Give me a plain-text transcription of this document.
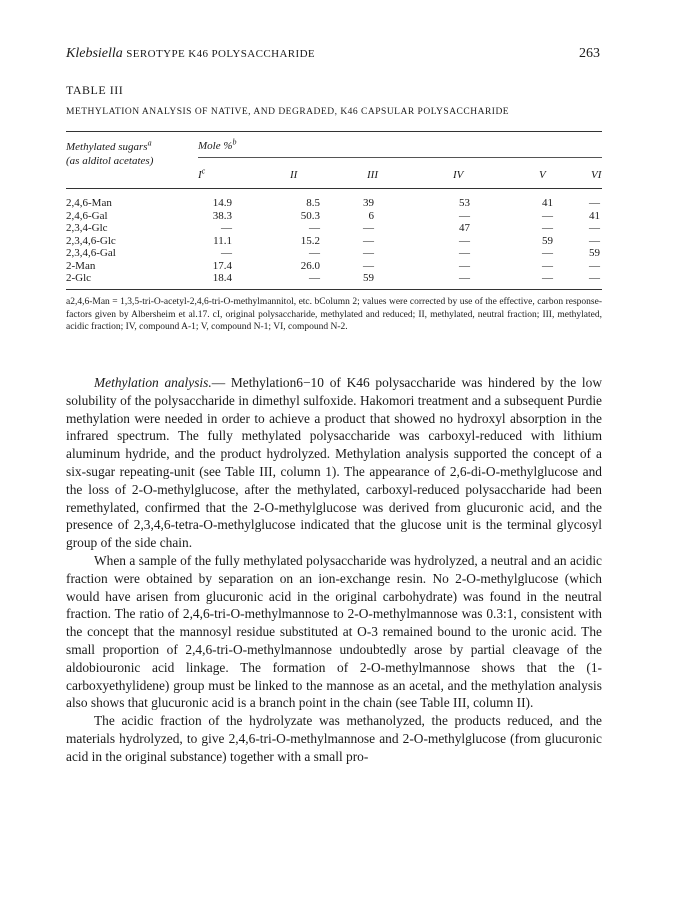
Klebsiella SEROTYPE K46 POLYSACCHARIDE	263
TABLE III
METHYLATION ANALYSIS OF NATIVE, AND DEGRADED, K46 CAPSULAR POLYSACCHARIDE
Methylated sugars$^a$
(as alditol acetates)
Mole %$^b$
$I^c$	II	III	IV	V	VI
2,4,6-Man	14.9	8.5	39	53	41	—
2,4,6-Gal	38.3	50.3	6	—	—	41
2,3,4-Glc	—	—	—	47	—	—
2,3,4,6-Glc	11.1	15.2	—	—	59	—
2,3,4,6-Gal	—	—	—	—	—	59
2-Man	17.4	26.0	—	—	—	—
2-Glc	18.4	—	59	—	—	—
a2,4,6-Man = 1,3,5-tri-O-acetyl-2,4,6-tri-O-methylmannitol, etc. bColumn 2; values were corrected by use of the effective, carbon response-factors given by Albersheim et al.17. cI, original polysaccharide, methylated and reduced; II, methylated, neutral fraction; III, methylated, acidic fraction; IV, compound A-1; V, compound N-1; VI, compound N-2.

Methylation analysis.— Methylation6−10 of K46 polysaccharide was hindered by the low solubility of the polysaccharide in dimethyl sulfoxide. Hakomori treatment and a subsequent Purdie methylation were needed in order to achieve a product that showed no hydroxyl absorption in the infrared spectrum. The fully methylated polysaccharide was carboxyl-reduced with lithium aluminum hydride, and the product hydrolyzed. Methylation analysis supported the concept of a six-sugar repeating-unit (see Table III, column 1). The appearance of 2,6-di-O-methylglucose and the loss of 2-O-methylglucose, after the methylated, carboxyl-reduced polysaccharide had been remethylated, confirmed that the 2-O-methylglucose was derived from glucuronic acid, and the presence of 2,3,4,6-tetra-O-methylglucose indicated that the glucose unit is the terminal glycosyl group of the side chain.

When a sample of the fully methylated polysaccharide was hydrolyzed, a neutral and an acidic fraction were obtained by separation on an ion-exchange resin. No 2-O-methylglucose (which would have arisen from glucuronic acid in the original carbohydrate) was found in the neutral fraction. The ratio of 2,4,6-tri-O-methylmannose to 2-O-methylmannose was 0.3:1, consistent with the concept that the mannosyl residue substituted at O-3 remained bound to the uronic acid. The small proportion of 2,4,6-tri-O-methylmannose undoubtedly arose by partial cleavage of the aldobiouronic acid linkage. The formation of 2-O-methylmannose shows that the (1-carboxyethylidene) group must be linked to the mannose as an acetal, and the methylation analysis also shows that glucuronic acid is a branch point in the chain (see Table III, column II).

The acidic fraction of the hydrolyzate was methanolyzed, the products reduced, and the materials hydrolyzed, to give 2,4,6-tri-O-methylmannose and 2-O-methylglucose (from glucuronic acid in the original substance) together with a small pro-
